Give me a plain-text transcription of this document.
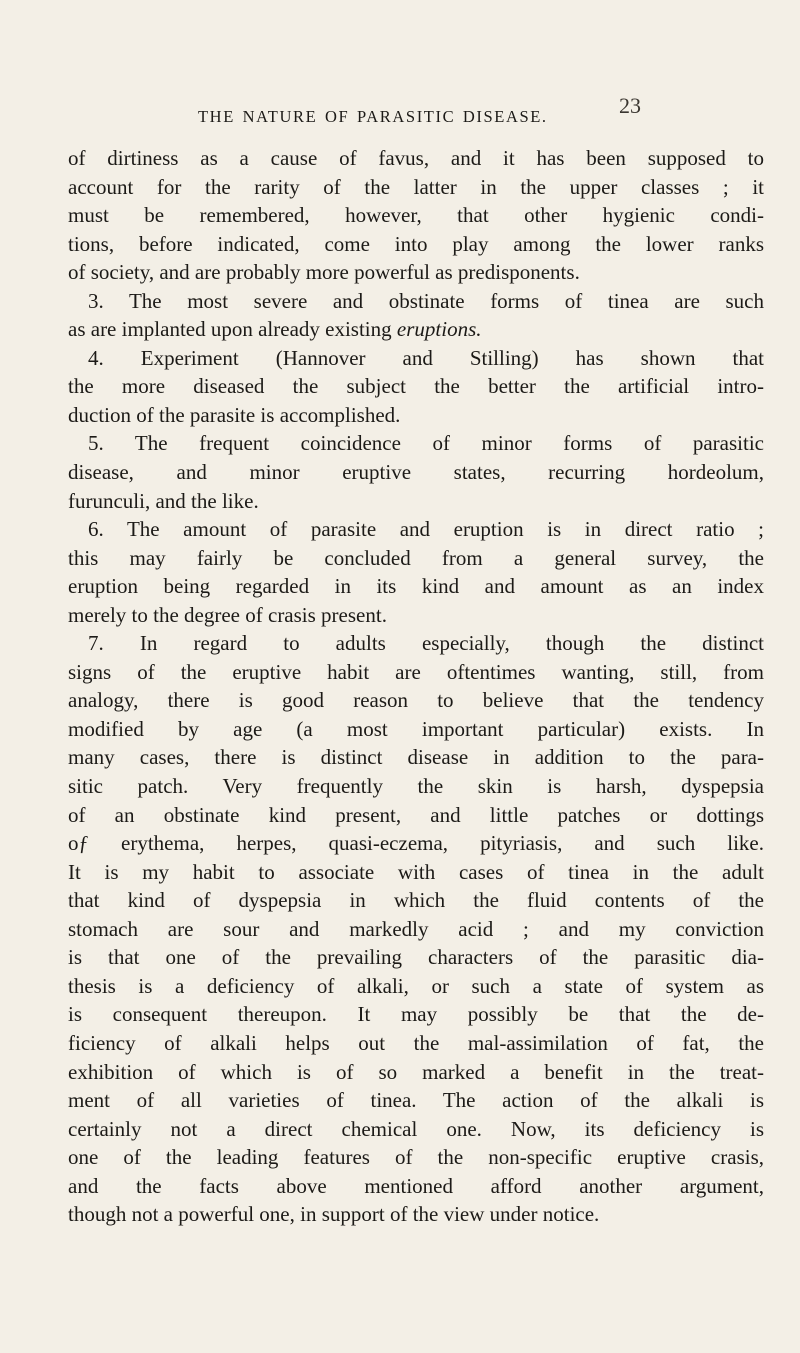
THE NATURE OF PARASITIC DISEASE.	23
of dirtiness as a cause of favus, and it has been supposed to
account for the rarity of the latter in the upper classes ; it
must be remembered, however, that other hygienic condi-
tions, before indicated, come into play among the lower ranks
of society, and are probably more powerful as predisponents.
3. The most severe and obstinate forms of tinea are such
as are implanted upon already existing eruptions.
4. Experiment (Hannover and Stilling) has shown that
the more diseased the subject the better the artificial intro-
duction of the parasite is accomplished.
5. The frequent coincidence of minor forms of parasitic
disease, and minor eruptive states, recurring hordeolum,
furunculi, and the like.
6. The amount of parasite and eruption is in direct ratio ;
this may fairly be concluded from a general survey, the
eruption being regarded in its kind and amount as an index
merely to the degree of crasis present.
7. In regard to adults especially, though the distinct
signs of the eruptive habit are oftentimes wanting, still, from
analogy, there is good reason to believe that the tendency
modified by age (a most important particular) exists. In
many cases, there is distinct disease in addition to the para-
sitic patch. Very frequently the skin is harsh, dyspepsia
of an obstinate kind present, and little patches or dottings
oƒ erythema, herpes, quasi-eczema, pityriasis, and such like.
It is my habit to associate with cases of tinea in the adult
that kind of dyspepsia in which the fluid contents of the
stomach are sour and markedly acid ; and my conviction
is that one of the prevailing characters of the parasitic dia-
thesis is a deficiency of alkali, or such a state of system as
is consequent thereupon. It may possibly be that the de-
ficiency of alkali helps out the mal-assimilation of fat, the
exhibition of which is of so marked a benefit in the treat-
ment of all varieties of tinea. The action of the alkali is
certainly not a direct chemical one. Now, its deficiency is
one of the leading features of the non-specific eruptive crasis,
and the facts above mentioned afford another argument,
though not a powerful one, in support of the view under notice.
